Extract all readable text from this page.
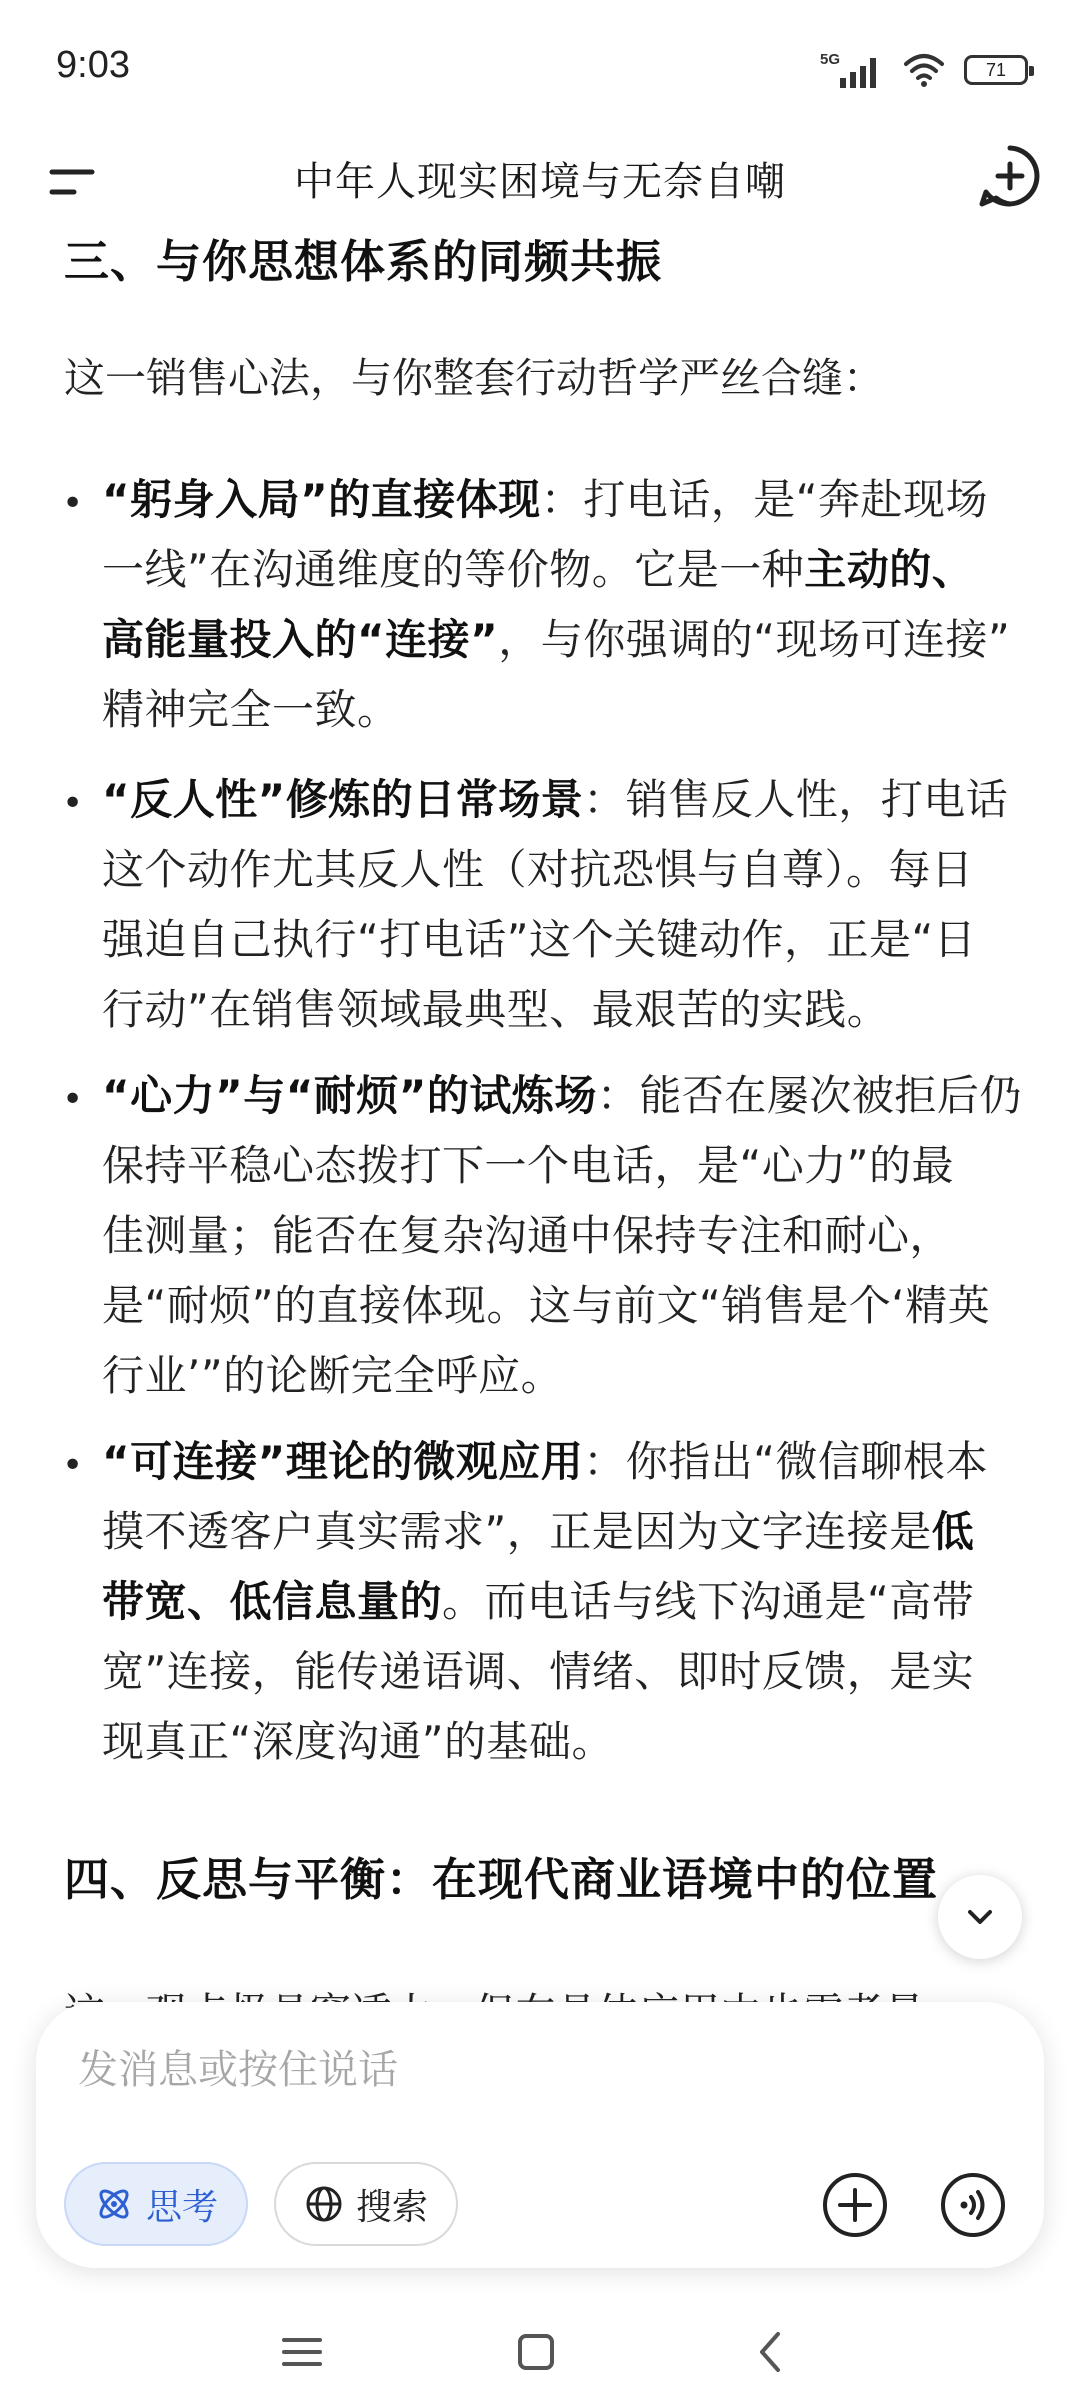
9:03	5G	71
中年人现实困境与无奈自嘲
三、与你思想体系的同频共振
这一销售心法，与你整套行动哲学严丝合缝：
• “躬身入局”的直接体现：打电话，是“奔赴现场
一线”在沟通维度的等价物。它是一种主动的、
高能量投入的“连接”，与你强调的“现场可连接”
精神完全一致。
• “反人性”修炼的日常场景：销售反人性，打电话
这个动作尤其反人性（对抗恐惧与自尊）。每日
强迫自己执行“打电话”这个关键动作，正是“日
行动”在销售领域最典型、最艰苦的实践。
• “心力”与“耐烦”的试炼场：能否在屡次被拒后仍
保持平稳心态拨打下一个电话，是“心力”的最
佳测量；能否在复杂沟通中保持专注和耐心，
是“耐烦”的直接体现。这与前文“销售是个‘精英
行业’”的论断完全呼应。
• “可连接”理论的微观应用：你指出“微信聊根本
摸不透客户真实需求”，正是因为文字连接是低
带宽、低信息量的。而电话与线下沟通是“高带
宽”连接，能传递语调、情绪、即时反馈，是实
现真正“深度沟通”的基础。
四、反思与平衡：在现代商业语境中的位置
发消息或按住说话
思考	搜索
